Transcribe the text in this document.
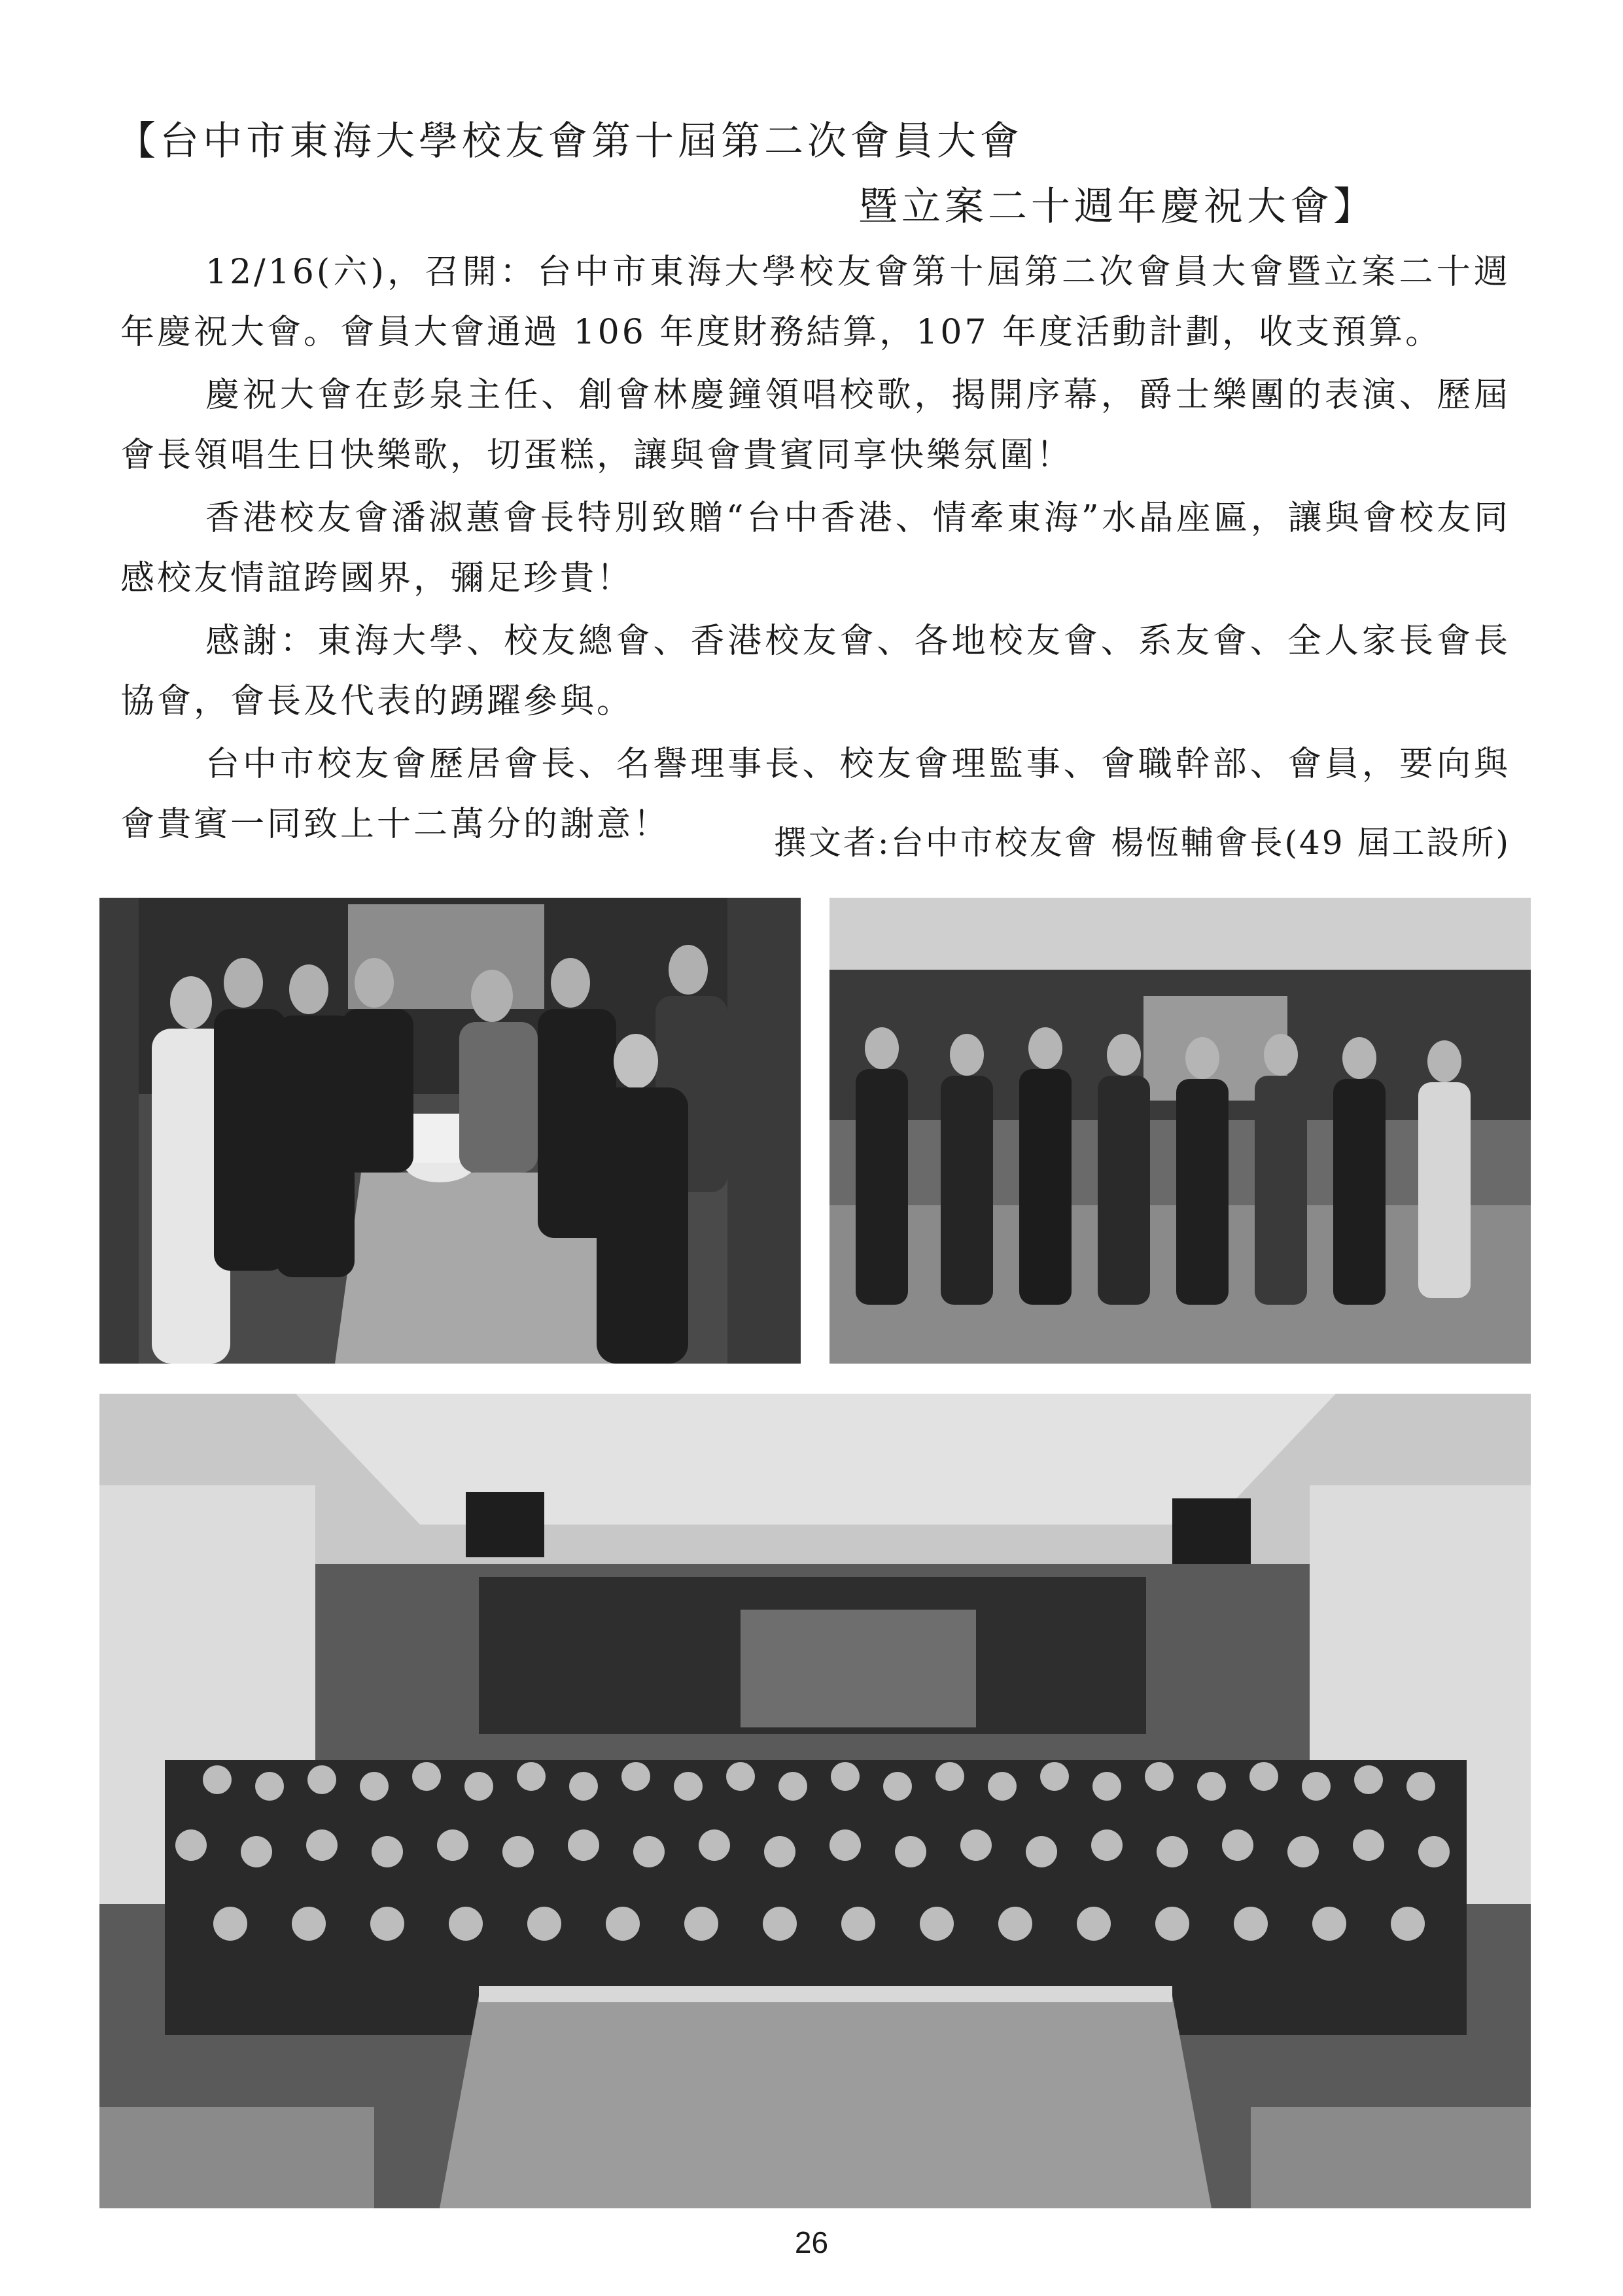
【台中市東海大學校友會第十屆第二次會員大會
暨立案二十週年慶祝大會】

12/16(六)，召開：台中市東海大學校友會第十屆第二次會員大會暨立案二十週年慶祝大會。會員大會通過 106 年度財務結算，107 年度活動計劃，收支預算。

慶祝大會在彭泉主任、創會林慶鐘領唱校歌，揭開序幕，爵士樂團的表演、歷屆會長領唱生日快樂歌，切蛋糕，讓與會貴賓同享快樂氛圍！

香港校友會潘淑蕙會長特別致贈“台中香港、情牽東海”水晶座匾，讓與會校友同感校友情誼跨國界，彌足珍貴！

感謝：東海大學、校友總會、香港校友會、各地校友會、系友會、全人家長會長協會，會長及代表的踴躍參與。

台中市校友會歷居會長、名譽理事長、校友會理監事、會職幹部、會員，要向與會貴賓一同致上十二萬分的謝意！	撰文者:台中市校友會 楊恆輔會長(49 屆工設所)
26
